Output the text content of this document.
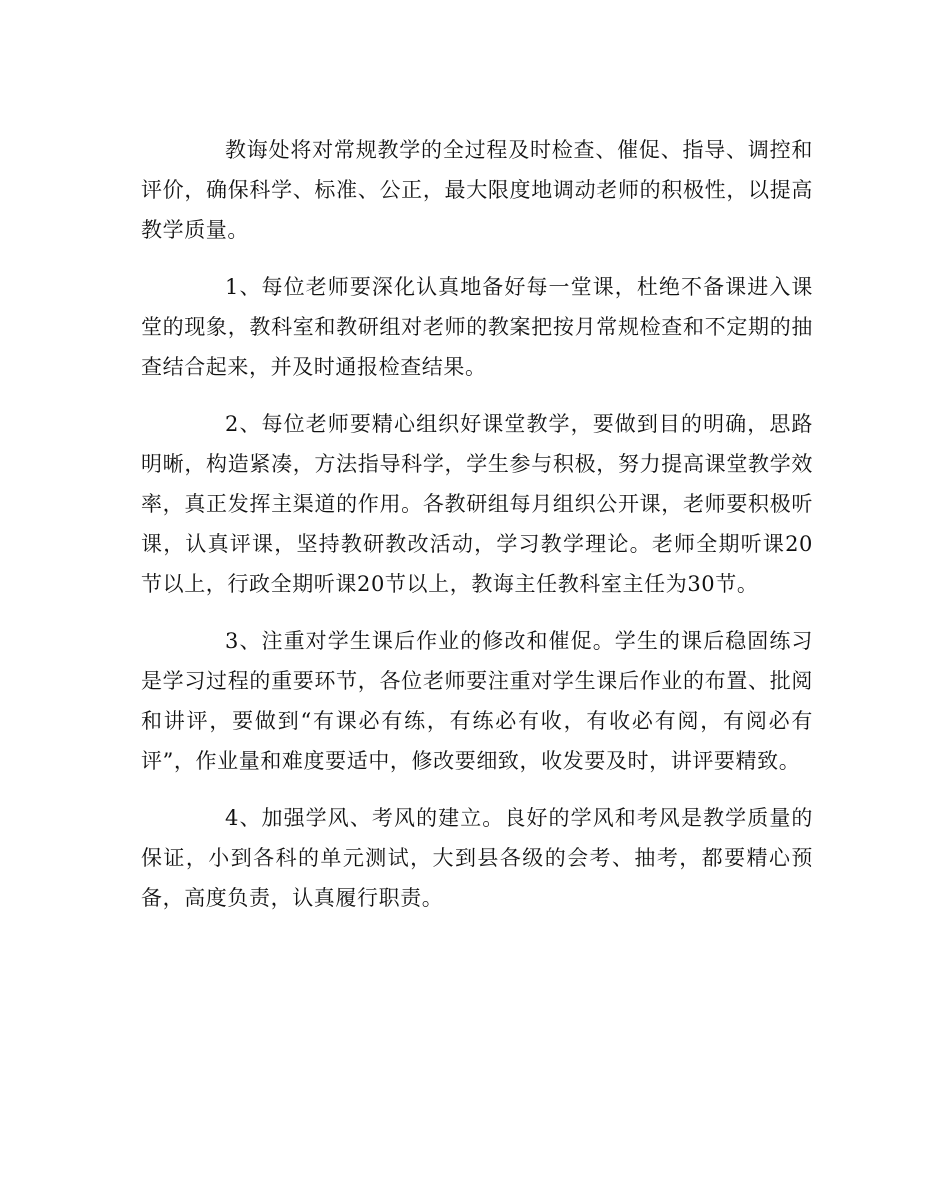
教诲处将对常规教学的全过程及时检查、催促、指导、调控和评价，确保科学、标准、公正，最大限度地调动老师的积极性，以提高教学质量。

1、每位老师要深化认真地备好每一堂课，杜绝不备课进入课堂的现象，教科室和教研组对老师的教案把按月常规检查和不定期的抽查结合起来，并及时通报检查结果。

2、每位老师要精心组织好课堂教学，要做到目的明确，思路明晰，构造紧凑，方法指导科学，学生参与积极，努力提高课堂教学效率，真正发挥主渠道的作用。各教研组每月组织公开课，老师要积极听课，认真评课，坚持教研教改活动，学习教学理论。老师全期听课20节以上，行政全期听课20节以上，教诲主任教科室主任为30节。

3、注重对学生课后作业的修改和催促。学生的课后稳固练习是学习过程的重要环节，各位老师要注重对学生课后作业的布置、批阅和讲评，要做到“有课必有练，有练必有收，有收必有阅，有阅必有评”，作业量和难度要适中，修改要细致，收发要及时，讲评要精致。

4、加强学风、考风的建立。良好的学风和考风是教学质量的保证，小到各科的单元测试，大到县各级的会考、抽考，都要精心预备，高度负责，认真履行职责。
